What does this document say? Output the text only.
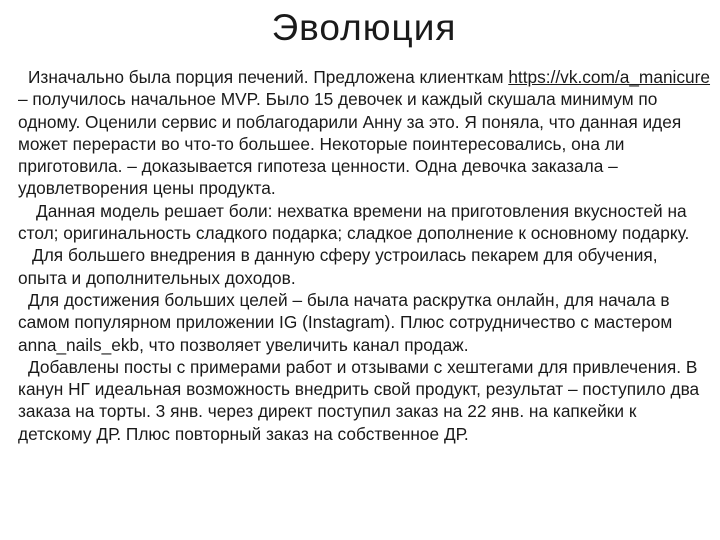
Эволюция

Изначально была порция печений. Предложена клиенткам https://vk.com/a_manicure – получилось начальное MVP. Было 15 девочек и каждый скушала минимум по одному. Оценили сервис и поблагодарили Анну за это. Я поняла, что данная идея может перерасти во что-то большее. Некоторые поинтересовались, она ли приготовила. – доказывается гипотеза ценности. Одна девочка заказала – удовлетворения цены продукта.

Данная модель решает боли: нехватка времени на приготовления вкусностей на стол; оригинальность сладкого подарка; сладкое дополнение к основному подарку.

Для большего внедрения в данную сферу устроилась пекарем для обучения, опыта и дополнительных доходов.

Для достижения больших целей – была начата раскрутка онлайн, для начала в самом популярном приложении IG (Instagram). Плюс сотрудничество с мастером anna_nails_ekb, что позволяет увеличить канал продаж.

Добавлены посты с примерами работ и отзывами с хештегами для привлечения. В канун НГ идеальная возможность внедрить свой продукт, результат – поступило два заказа на торты. 3 янв. через директ поступил заказ на 22 янв. на капкейки к детскому ДР. Плюс повторный заказ на собственное ДР.
